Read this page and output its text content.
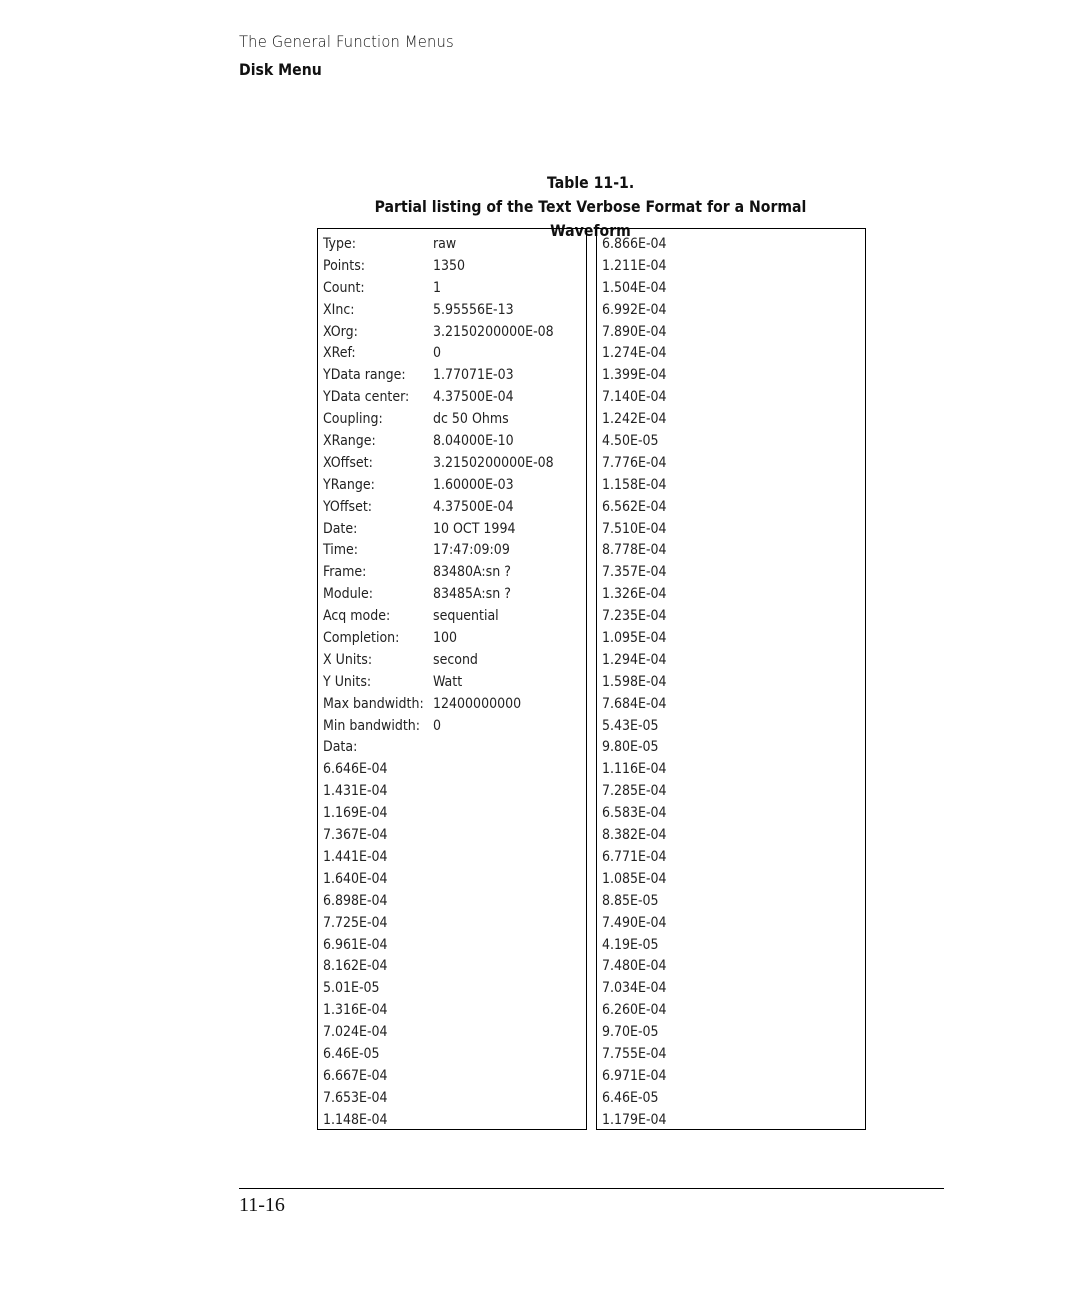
The General Function Menus
Disk Menu
Table 11-1.
Partial listing of the Text Verbose Format for a Normal Waveform
Type:	raw
Points:	1350
Count:	1
XInc:	5.95556E-13
XOrg:	3.2150200000E-08
XRef:	0
YData range: 1.77071E-03
YData center: 4.37500E-04
Coupling:	dc 50 Ohms
XRange:	8.04000E-10
XOffset:	3.2150200000E-08
YRange:	1.60000E-03
YOffset:	4.37500E-04
Date:	10 OCT 1994
Time:	17:47:09:09
Frame:	83480A:sn ?
Module:	83485A:sn ?
Acq mode:	sequential
Completion: 100
X Units:	second
Y Units:	Watt
Max bandwidth: 12400000000
Min bandwidth: 0
Data:
6.646E-04
1.431E-04
1.169E-04
7.367E-04
1.441E-04
1.640E-04
6.898E-04
7.725E-04
6.961E-04
8.162E-04
5.01E-05
1.316E-04
7.024E-04
6.46E-05
6.667E-04
7.653E-04
1.148E-04
6.866E-04
1.211E-04
1.504E-04
6.992E-04
7.890E-04
1.274E-04
1.399E-04
7.140E-04
1.242E-04
4.50E-05
7.776E-04
1.158E-04
6.562E-04
7.510E-04
8.778E-04
7.357E-04
1.326E-04
7.235E-04
1.095E-04
1.294E-04
1.598E-04
7.684E-04
5.43E-05
9.80E-05
1.116E-04
7.285E-04
6.583E-04
8.382E-04
6.771E-04
1.085E-04
8.85E-05
7.490E-04
4.19E-05
7.480E-04
7.034E-04
6.260E-04
9.70E-05
7.755E-04
6.971E-04
6.46E-05
1.179E-04
11-16
